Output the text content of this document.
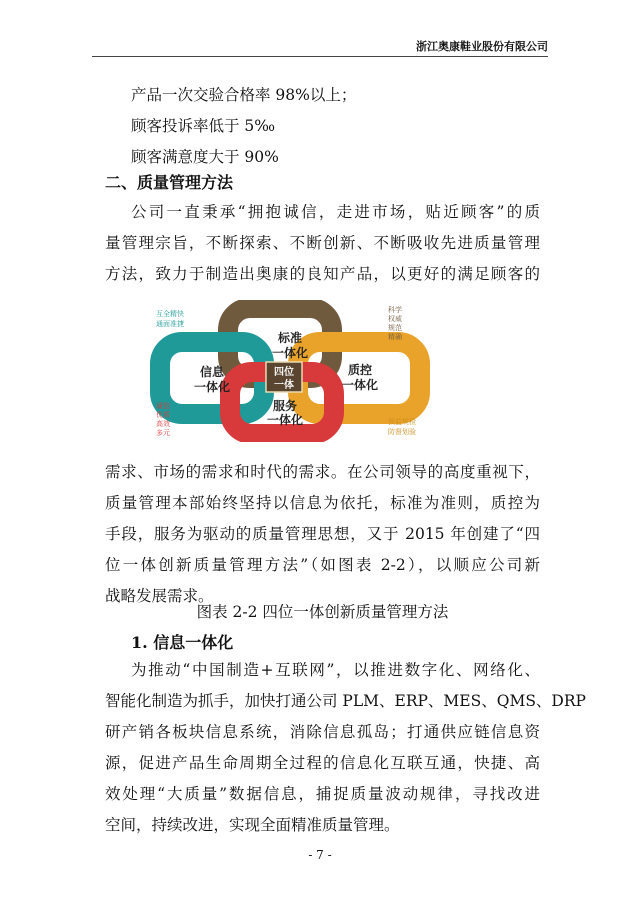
浙江奥康鞋业股份有限公司
产品一次交验合格率 98%以上；
顾客投诉率低于 5‰
顾客满意度大于 90%
二、质量管理方法
公司一直秉承“拥抱诚信，走进市场，贴近顾客”的质
量管理宗旨，不断探索、不断创新、不断吸收先进质量管理
方法，致力于制造出奥康的良知产品，以更好的满足顾客的
四位
一体
标准
一体化
信息
一体化
质控
一体化
服务
一体化
互全精快
通面准捷
科学
权威
规范
精确
诚信
优质
高效
多元
预监规检
防督划验
需求、市场的需求和时代的需求。在公司领导的高度重视下，
质量管理本部始终坚持以信息为依托，标准为准则，质控为
手段，服务为驱动的质量管理思想，又于 2015 年创建了“四
位一体创新质量管理方法”（如图表 2-2），以顺应公司新
战略发展需求。
图表 2-2 四位一体创新质量管理方法
1. 信息一体化
为推动“中国制造+互联网”，以推进数字化、网络化、
智能化制造为抓手，加快打通公司 PLM、ERP、MES、QMS、DRP
研产销各板块信息系统，消除信息孤岛；打通供应链信息资
源，促进产品生命周期全过程的信息化互联互通，快捷、高
效处理“大质量”数据信息，捕捉质量波动规律，寻找改进
空间，持续改进，实现全面精准质量管理。
- 7 -
